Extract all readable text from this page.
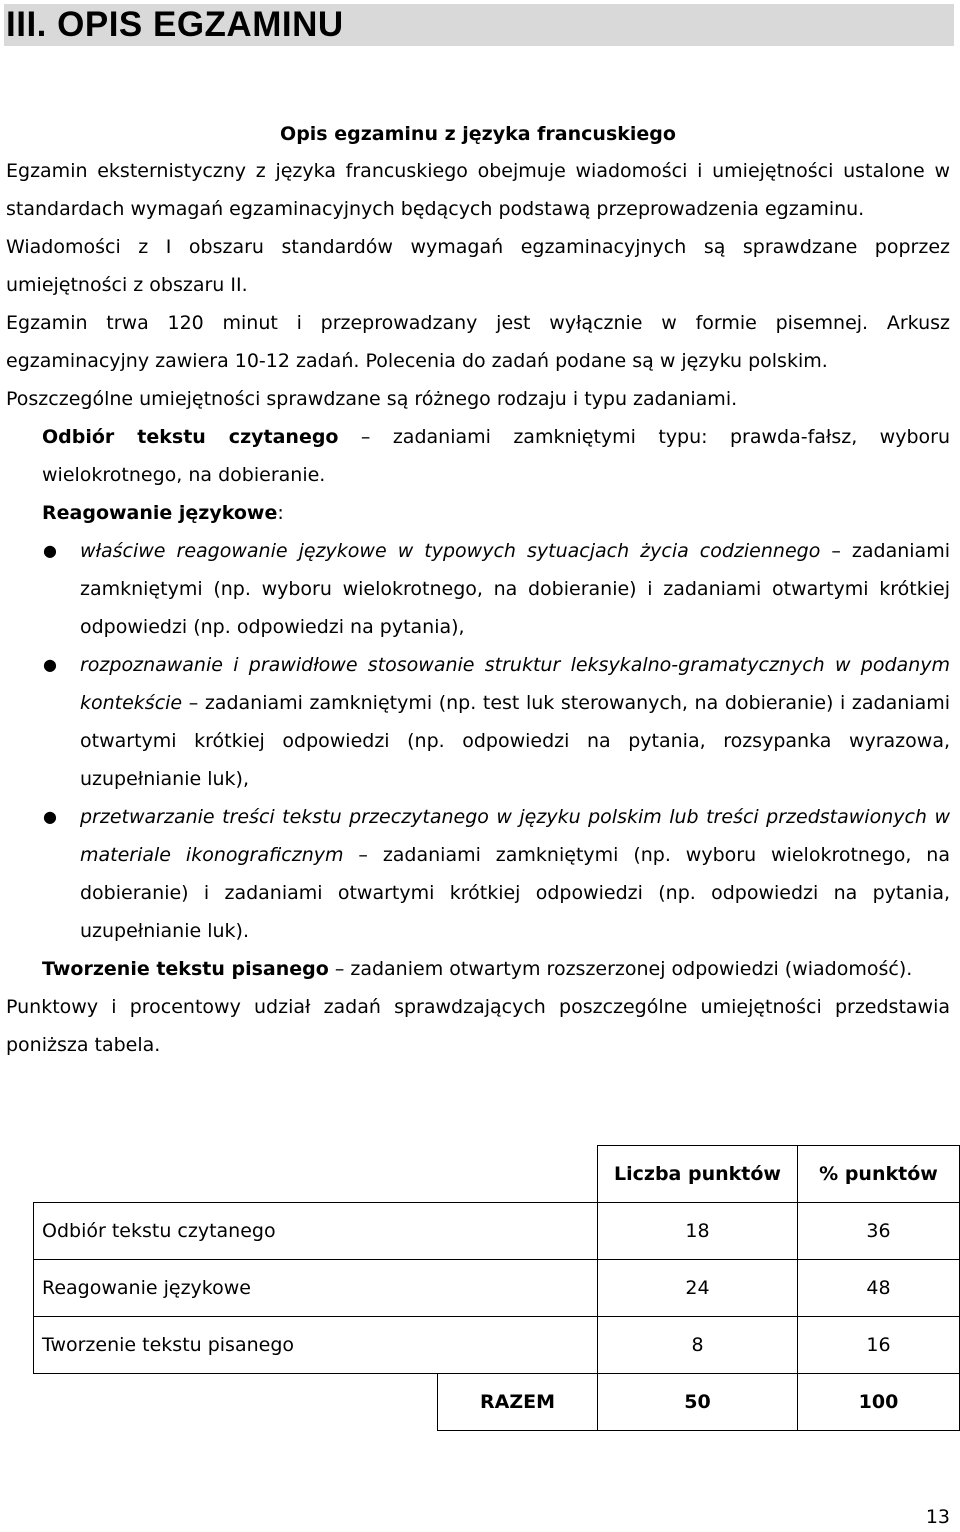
III. OPIS EGZAMINU
Opis egzaminu z języka francuskiego

Egzamin eksternistyczny z języka francuskiego obejmuje wiadomości i umiejętności ustalone w standardach wymagań egzaminacyjnych będących podstawą przeprowadzenia egzaminu.

Wiadomości z I obszaru standardów wymagań egzaminacyjnych są sprawdzane poprzez umiejętności z obszaru II.

Egzamin trwa 120 minut i przeprowadzany jest wyłącznie w formie pisemnej. Arkusz egzaminacyjny zawiera 10-12 zadań. Polecenia do zadań podane są w języku polskim.

Poszczególne umiejętności sprawdzane są różnego rodzaju i typu zadaniami.

Odbiór tekstu czytanego – zadaniami zamkniętymi typu: prawda-fałsz, wyboru wielokrotnego, na dobieranie.

Reagowanie językowe:

● właściwe reagowanie językowe w typowych sytuacjach życia codziennego – zadaniami zamkniętymi (np. wyboru wielokrotnego, na dobieranie) i zadaniami otwartymi krótkiej odpowiedzi (np. odpowiedzi na pytania),

● rozpoznawanie i prawidłowe stosowanie struktur leksykalno-gramatycznych w podanym kontekście – zadaniami zamkniętymi (np. test luk sterowanych, na dobieranie) i zadaniami otwartymi krótkiej odpowiedzi (np. odpowiedzi na pytania, rozsypanka wyrazowa, uzupełnianie luk),

● przetwarzanie treści tekstu przeczytanego w języku polskim lub treści przedstawionych w materiale ikonograficznym – zadaniami zamkniętymi (np. wyboru wielokrotnego, na dobieranie) i zadaniami otwartymi krótkiej odpowiedzi (np. odpowiedzi na pytania, uzupełnianie luk).

Tworzenie tekstu pisanego – zadaniem otwartym rozszerzonej odpowiedzi (wiadomość).

Punktowy i procentowy udział zadań sprawdzających poszczególne umiejętności przedstawia poniższa tabela.

		Liczba punktów	% punktów
Odbiór tekstu czytanego		18	36
Reagowanie językowe		24	48
Tworzenie tekstu pisanego		8	16
	RAZEM	50	100
13
